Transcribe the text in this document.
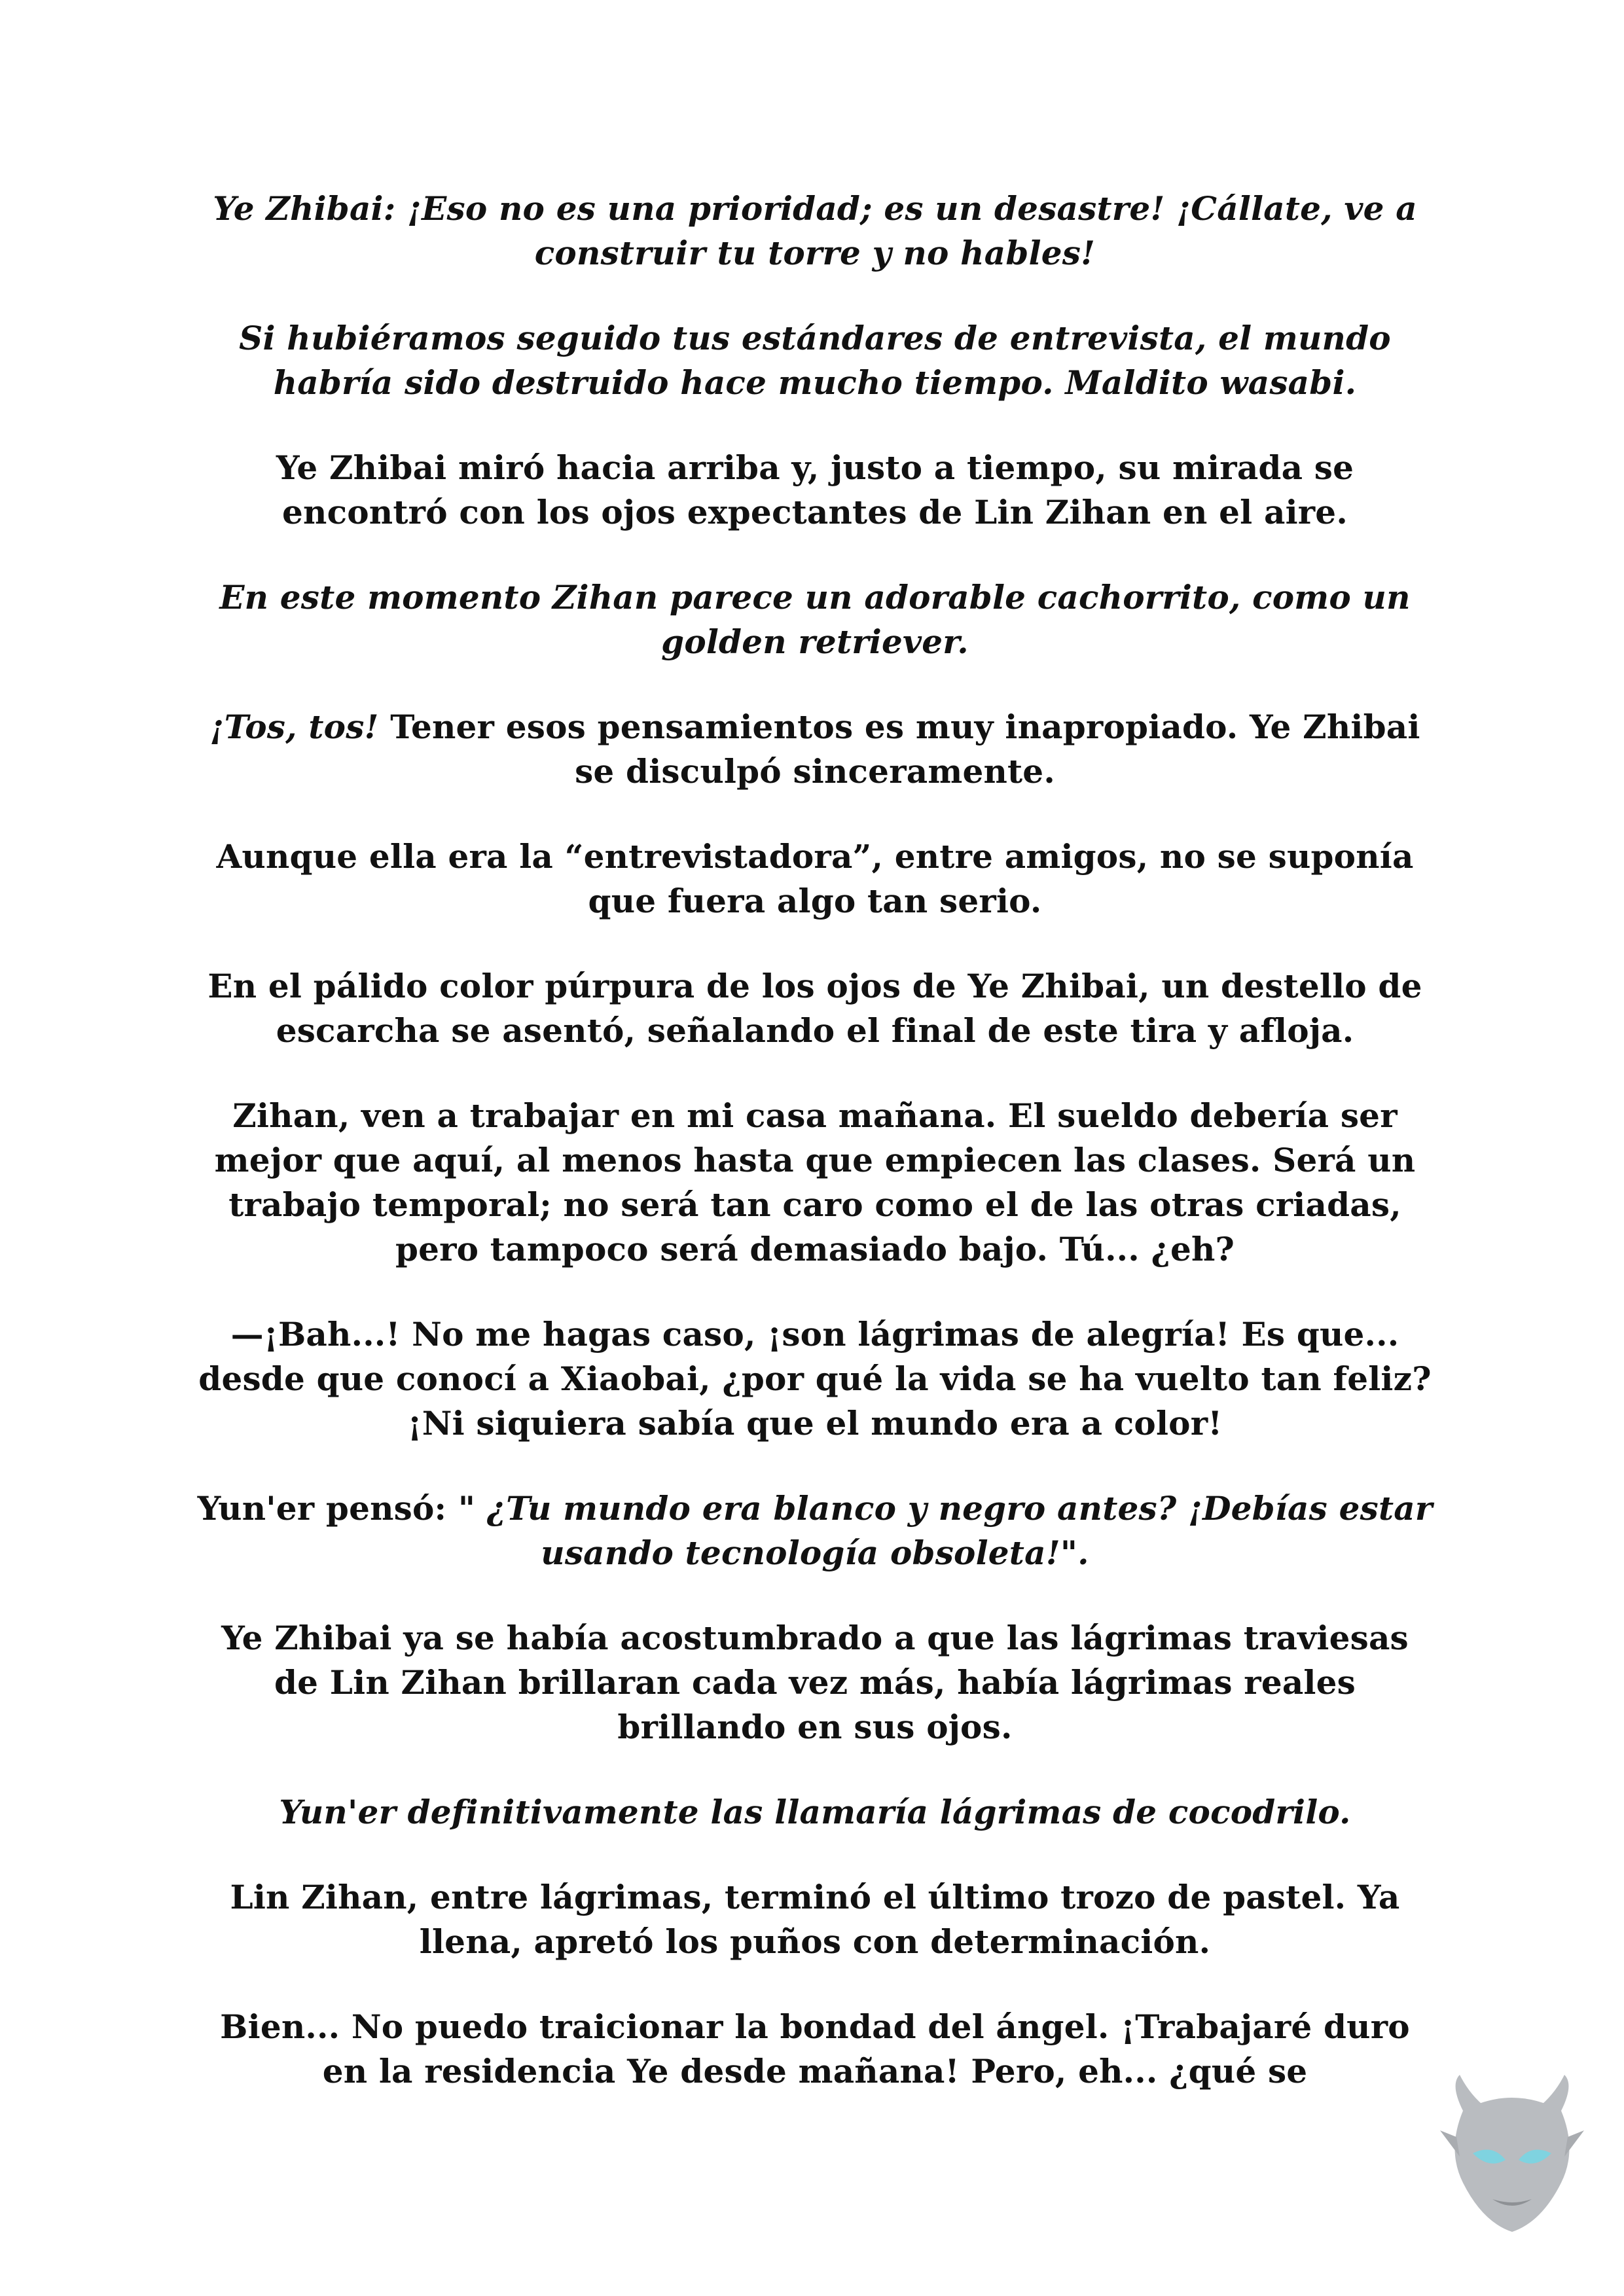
Ye Zhibai: ¡Eso no es una prioridad; es un desastre! ¡Cállate, ve a construir tu torre y no hables!

Si hubiéramos seguido tus estándares de entrevista, el mundo habría sido destruido hace mucho tiempo. Maldito wasabi.

Ye Zhibai miró hacia arriba y, justo a tiempo, su mirada se encontró con los ojos expectantes de Lin Zihan en el aire.

En este momento Zihan parece un adorable cachorrito, como un golden retriever.

¡Tos, tos! Tener esos pensamientos es muy inapropiado. Ye Zhibai se disculpó sinceramente.

Aunque ella era la “entrevistadora”, entre amigos, no se suponía que fuera algo tan serio.

En el pálido color púrpura de los ojos de Ye Zhibai, un destello de escarcha se asentó, señalando el final de este tira y afloja.

Zihan, ven a trabajar en mi casa mañana. El sueldo debería ser mejor que aquí, al menos hasta que empiecen las clases. Será un trabajo temporal; no será tan caro como el de las otras criadas, pero tampoco será demasiado bajo. Tú... ¿eh?

—¡Bah...! No me hagas caso, ¡son lágrimas de alegría! Es que... desde que conocí a Xiaobai, ¿por qué la vida se ha vuelto tan feliz? ¡Ni siquiera sabía que el mundo era a color!

Yun'er pensó: " ¿Tu mundo era blanco y negro antes? ¡Debías estar usando tecnología obsoleta!".

Ye Zhibai ya se había acostumbrado a que las lágrimas traviesas de Lin Zihan brillaran cada vez más, había lágrimas reales brillando en sus ojos.

Yun'er definitivamente las llamaría lágrimas de cocodrilo.

Lin Zihan, entre lágrimas, terminó el último trozo de pastel. Ya llena, apretó los puños con determinación.

Bien... No puedo traicionar la bondad del ángel. ¡Trabajaré duro en la residencia Ye desde mañana! Pero, eh... ¿qué se
